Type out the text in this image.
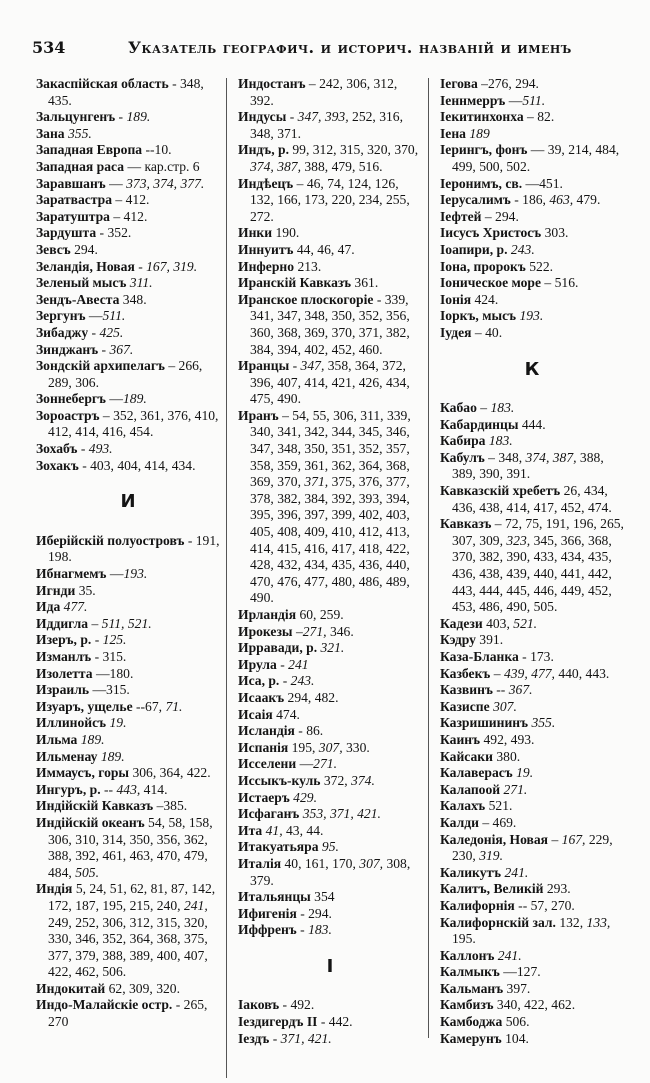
534	Указатель географич. и историч. названій и именъ
Закаспійская область - 348, 435.
Зальцунгенъ - 189.
Зана 355.
Западная Европа --10.
Западная раса — кар.стр. 6
Заравшанъ — 373, 374, 377.
Заратвастра – 412.
Заратуштра – 412.
Зардушта - 352.
Зевсъ 294.
Зеландія, Новая - 167, 319.
Зеленый мысъ 311.
Зендъ-Авеста 348.
Зергунъ —511.
Зибаджу - 425.
Зинджанъ - 367.
Зондскій архипелагъ – 266, 289, 306.
Зоннебергъ —189.
Зороастръ – 352, 361, 376, 410, 412, 414, 416, 454.
Зохабъ - 493.
Зохакъ - 403, 404, 414, 434.
И
Иберійскій полуостровъ - 191, 198.
Ибнагмемъ —193.
Игнди 35.
Ида 477.
Иддигла – 511, 521.
Изеръ, р. - 125.
Изманлъ - 315.
Изолетта —180.
Израиль —315.
Изуаръ, ущелье --67, 71.
Иллинойсъ 19.
Ильма 189.
Ильменау 189.
Иммаусъ, горы 306, 364, 422.
Ингуръ, р. -- 443, 414.
Индійскій Кавказъ –385.
Индійскій океанъ 54, 58, 158, 306, 310, 314, 350, 356, 362, 388, 392, 461, 463, 470, 479, 484, 505.
Индія 5, 24, 51, 62, 81, 87, 142, 172, 187, 195, 215, 240, 241, 249, 252, 306, 312, 315, 320, 330, 346, 352, 364, 368, 375, 377, 379, 388, 389, 400, 407, 422, 462, 506.
Индокитай 62, 309, 320.
Индо-Малайскіе остр. - 265, 270
Индостанъ – 242, 306, 312, 392.
Индусы - 347, 393, 252, 316, 348, 371.
Индъ, р. 99, 312, 315, 320, 370, 374, 387, 388, 479, 516.
Индѣецъ – 46, 74, 124, 126, 132, 166, 173, 220, 234, 255, 272.
Инки 190.
Иннуитъ 44, 46, 47.
Инферно 213.
Иранскій Кавказъ 361.
Иранское плоскогоріе - 339, 341, 347, 348, 350, 352, 356, 360, 368, 369, 370, 371, 382, 384, 394, 402, 452, 460.
Иранцы - 347, 358, 364, 372, 396, 407, 414, 421, 426, 434, 475, 490.
Иранъ – 54, 55, 306, 311, 339, 340, 341, 342, 344, 345, 346, 347, 348, 350, 351, 352, 357, 358, 359, 361, 362, 364, 368, 369, 370, 371, 375, 376, 377, 378, 382, 384, 392, 393, 394, 395, 396, 397, 399, 402, 403, 405, 408, 409, 410, 412, 413, 414, 415, 416, 417, 418, 422, 428, 432, 434, 435, 436, 440, 470, 476, 477, 480, 486, 489, 490.
Ирландія 60, 259.
Ирокезы –271, 346.
Ирравади, р. 321.
Ирула - 241
Иса, р. - 243.
Исаакъ 294, 482.
Исаія 474.
Исландія - 86.
Испанія 195, 307, 330.
Исселени —271.
Иссыкъ-куль 372, 374.
Истаеръ 429.
Исфаганъ 353, 371, 421.
Ита 41, 43, 44.
Итакуатьяра 95.
Италія 40, 161, 170, 307, 308, 379.
Итальянцы 354
Ифигенія - 294.
Иффренъ - 183.
I
Іаковъ - 492.
Іездигердъ II - 442.
Іездъ - 371, 421.
Іегова –276, 294.
Іеннмерръ —511.
Іекитинхонха – 82.
Іена 189
Іерингъ, фонъ — 39, 214, 484, 499, 500, 502.
Іеронимъ, св. —451.
Іерусалимъ - 186, 463, 479.
Іефтей – 294.
Іисусъ Христосъ 303.
Іоапири, р. 243.
Іона, пророкъ 522.
Іоническое море – 516.
Іонія 424.
Іоркъ, мысъ 193.
Іудея – 40.
К
Кабао – 183.
Кабардинцы 444.
Кабира 183.
Кабулъ – 348, 374, 387, 388, 389, 390, 391.
Кавказскій хребетъ 26, 434, 436, 438, 414, 417, 452, 474.
Кавказъ – 72, 75, 191, 196, 265, 307, 309, 323, 345, 366, 368, 370, 382, 390, 433, 434, 435, 436, 438, 439, 440, 441, 442, 443, 444, 445, 446, 449, 452, 453, 486, 490, 505.
Кадези 403, 521.
Кэдру 391.
Каза-Бланка - 173.
Казбекъ – 439, 477, 440, 443.
Казвинъ -- 367.
Казиспе 307.
Казришининъ 355.
Каинъ 492, 493.
Кайсаки 380.
Калаверасъ 19.
Калапоой 271.
Калахъ 521.
Калди – 469.
Каледонія, Новая – 167, 229, 230, 319.
Каликутъ 241.
Калитъ, Великій 293.
Калифорнія -- 57, 270.
Калифорнскій зал. 132, 133, 195.
Каллонъ 241.
Калмыкъ —127.
Кальманъ 397.
Камбизъ 340, 422, 462.
Камбоджа 506.
Камерунъ 104.
